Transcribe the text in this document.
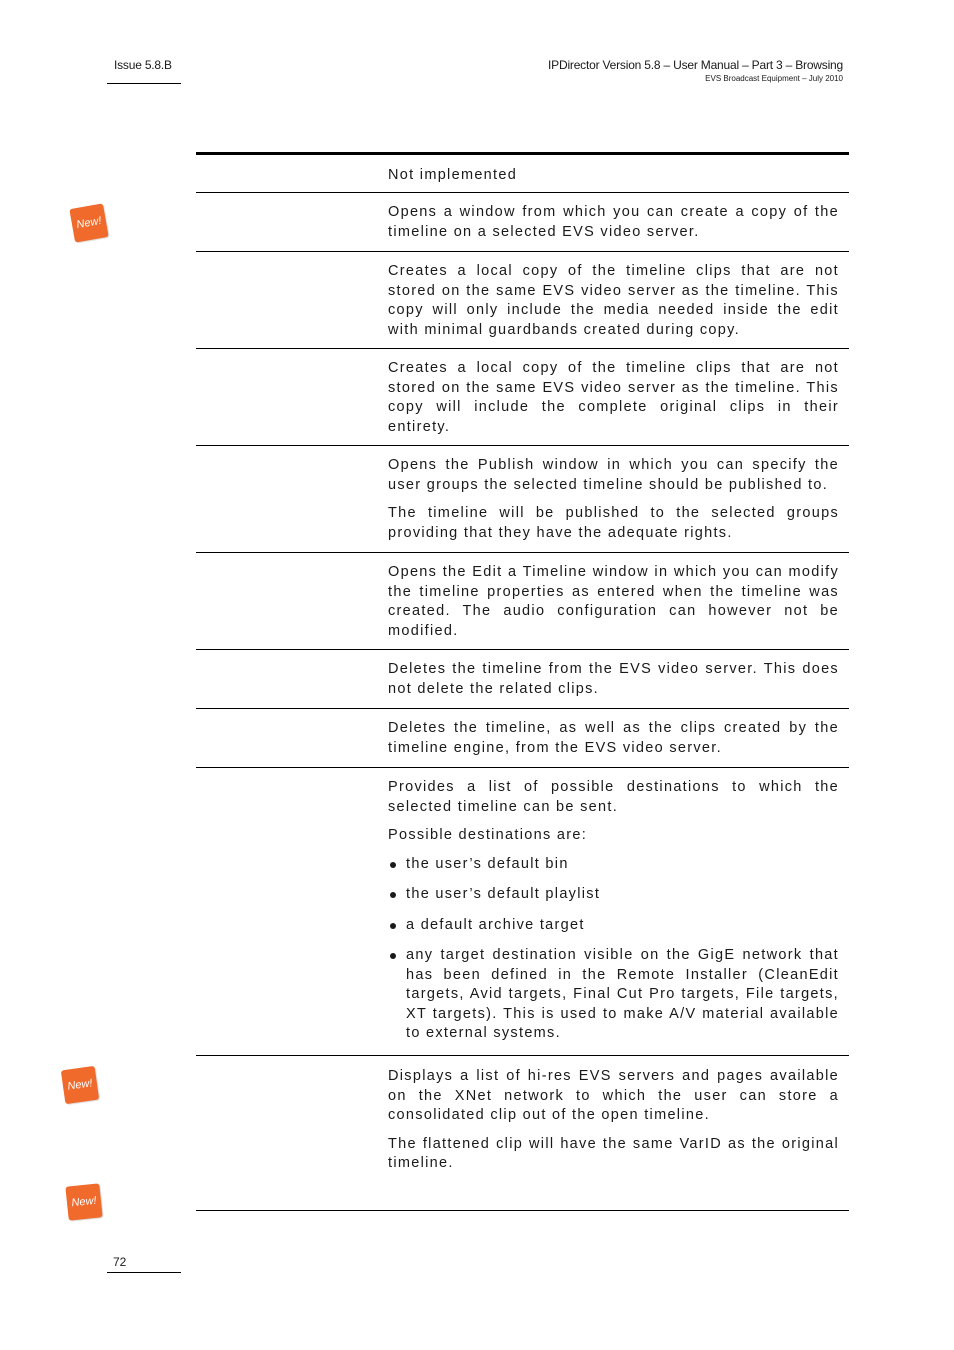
Issue 5.8.B	IPDirector Version 5.8 – User Manual – Part 3 – Browsing
EVS Broadcast Equipment – July 2010
New!
New!
New!

Not implemented

Opens a window from which you can create a copy of the timeline on a selected EVS video server.

Creates a local copy of the timeline clips that are not stored on the same EVS video server as the timeline. This copy will only include the media needed inside the edit with minimal guardbands created during copy.

Creates a local copy of the timeline clips that are not stored on the same EVS video server as the timeline. This copy will include the complete original clips in their entirety.

Opens the Publish window in which you can specify the user groups the selected timeline should be published to.

The timeline will be published to the selected groups providing that they have the adequate rights.

Opens the Edit a Timeline window in which you can modify the timeline properties as entered when the timeline was created. The audio configuration can however not be modified.

Deletes the timeline from the EVS video server. This does not delete the related clips.

Deletes the timeline, as well as the clips created by the timeline engine, from the EVS video server.

Provides a list of possible destinations to which the selected timeline can be sent.

Possible destinations are:

the user’s default bin
the user’s default playlist
a default archive target
any target destination visible on the GigE network that has been defined in the Remote Installer (CleanEdit targets, Avid targets, Final Cut Pro targets, File targets, XT targets). This is used to make A/V material available to external systems.

Displays a list of hi-res EVS servers and pages available on the XNet network to which the user can store a consolidated clip out of the open timeline.

The flattened clip will have the same VarID as the original timeline.

72
